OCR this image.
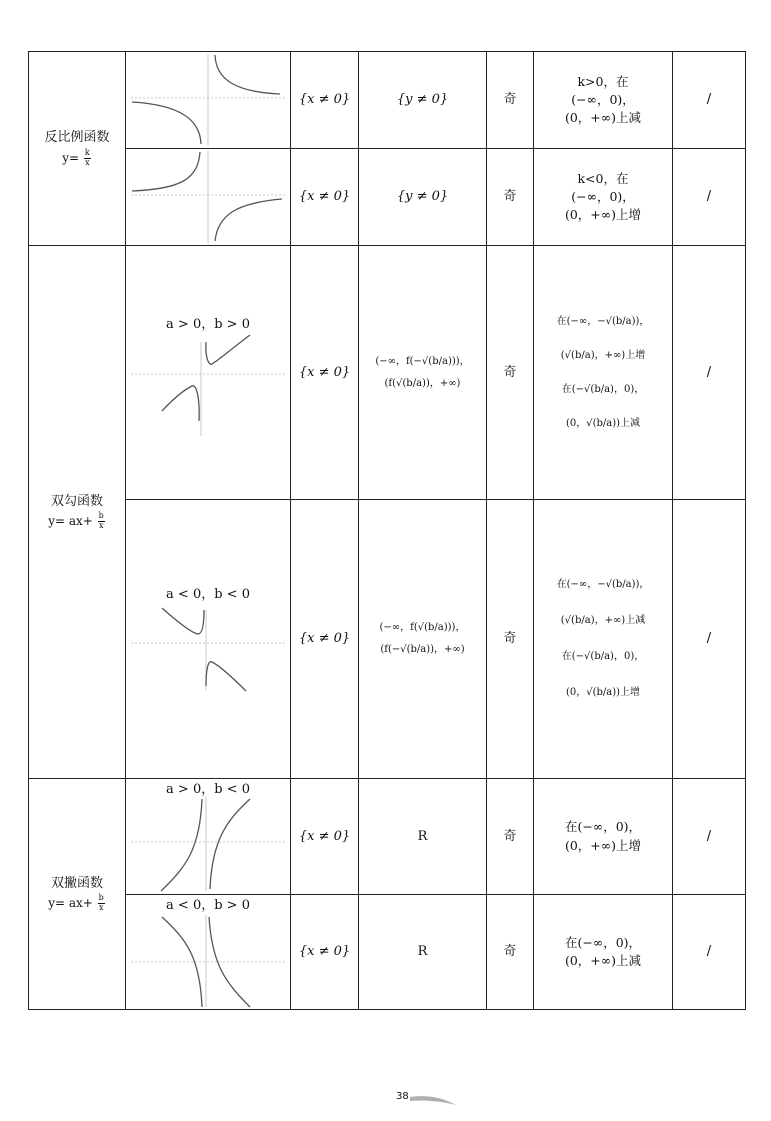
反比例函数
$y= \frac{k}{x}$		{x ≠ 0}	{y ≠ 0}	奇	k>0，在
(−∞，0)，
(0，+∞)上减	/

	{x ≠ 0}	{y ≠ 0}	奇	k<0，在
(−∞，0)，
(0，+∞)上增	/

双勾函数
$y= ax+ \frac{b}{x}$	a > 0，b > 0	{x ≠ 0}	(−∞，f(−√(b/a)))，
(f(√(b/a))，+∞)	奇	在(−∞，−√(b/a))，
(√(b/a)，+∞)上增
在(−√(b/a)，0)，
(0，√(b/a))上减	/

	a < 0，b < 0	{x ≠ 0}	(−∞，f(√(b/a)))，
(f(−√(b/a))，+∞)	奇	在(−∞，−√(b/a))，
(√(b/a)，+∞)上减
在(−√(b/a)，0)，
(0，√(b/a))上增	/

双撇函数
$y= ax+ \frac{b}{x}$	a > 0，b < 0	{x ≠ 0}	R	奇	在(−∞，0)，
(0，+∞)上增	/

	a < 0，b > 0	{x ≠ 0}	R	奇	在(−∞，0)，
(0，+∞)上减	/
38
